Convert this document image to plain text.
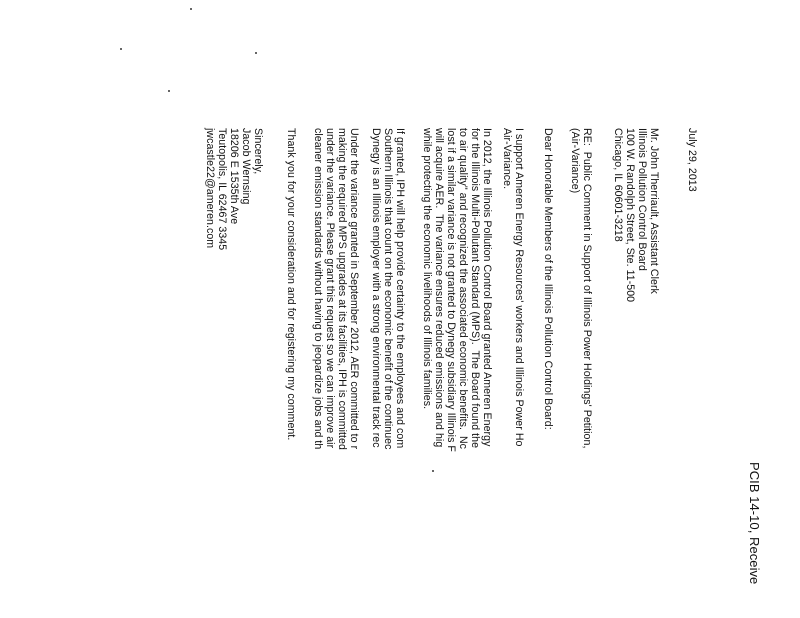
PCIB 14-10, Receive
July 29, 2013
Mr. John Therriault, Assistant Clerk
Illinois Pollution Control Board
100 W. Randolph Street, Ste. 11-500
Chicago, IL 60601-3218
RE:  Public Comment in Support of Illinois Power Holdings' Petition,
(Air-Variance)
Dear Honorable Members of the Illinois Pollution Control Board:
I support Ameren Energy Resources' workers and Illinois Power Ho
Air-Variance.
In 2012, the Illinois Pollution Control Board granted Ameren Energy
for the Illinois Multi-Pollutant Standard (MPS).  The Board found the
to air quality" and recognized the associated economic benefits.  Nc
lost if a similar variance is not granted to Dynegy subsidiary Illinois F
will acquire AER.  The variance ensures reduced emissions and hig
while protecting the economic livelihoods of Illinois families.
If granted, IPH will help provide certainty to the employees and com
Southern Illinois that count on the economic benefit of the continuec
Dynegy is an Illinois employer with a strong environmental track rec
Under the variance granted in September 2012, AER committed to r
making the required MPS upgrades at its facilities, IPH is committed
under the variance. Please grant this request so we can improve air
cleaner emission standards without having to jeopardize jobs and th
Thank you for your consideration and for registering my comment.
Sincerely,
Jacob Wernsing
18206 E 1535th Ave
Teutopolis, IL 62467 3345
jwcastle22@ameren.com
